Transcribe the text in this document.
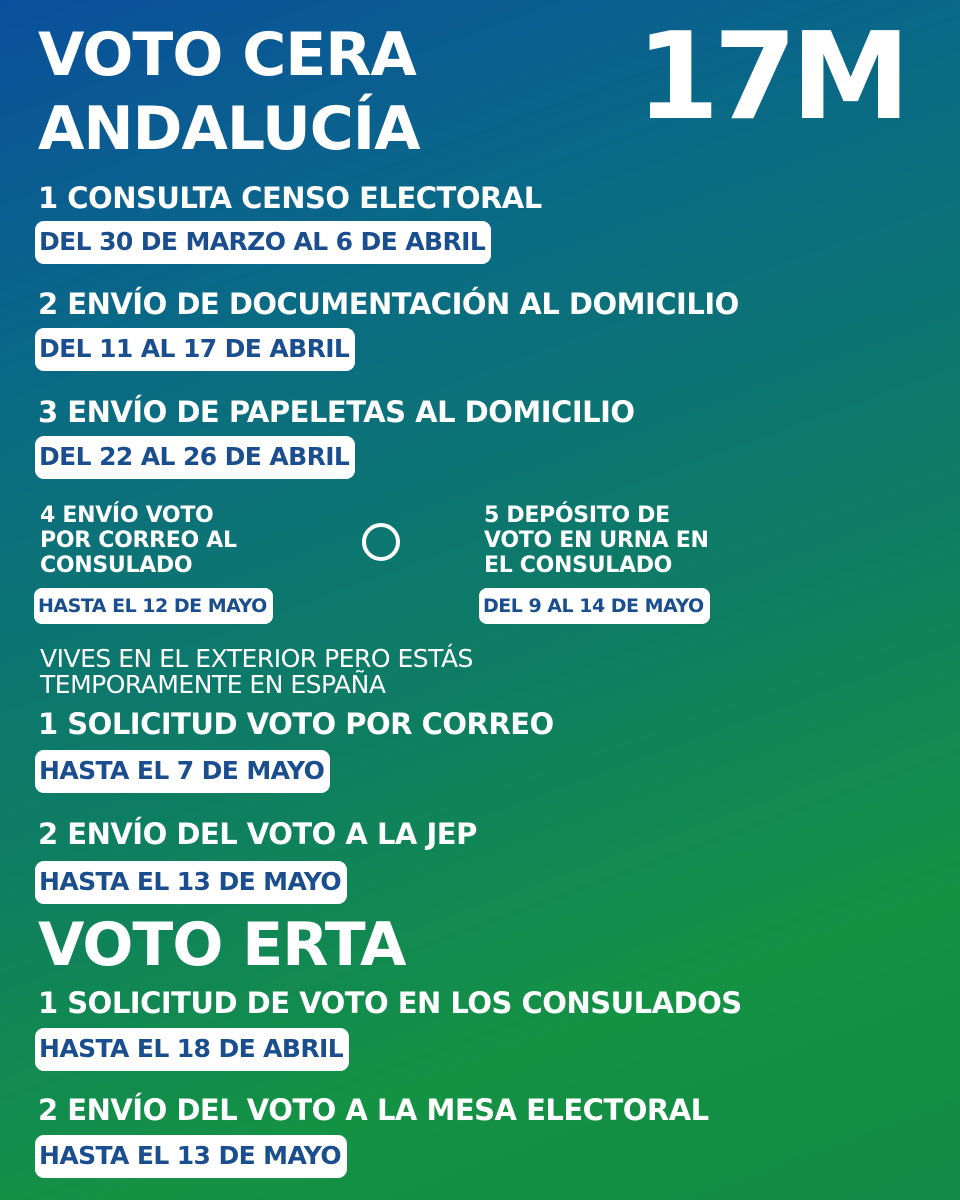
VOTO CERA
ANDALUCÍA 17M
1 CONSULTA CENSO ELECTORAL
DEL 30 DE MARZO AL 6 DE ABRIL
2 ENVÍO DE DOCUMENTACIÓN AL DOMICILIO
DEL 11 AL 17 DE ABRIL
3 ENVÍO DE PAPELETAS AL DOMICILIO
DEL 22 AL 26 DE ABRIL
4 ENVÍO VOTO
POR CORREO AL
CONSULADO
HASTA EL 12 DE MAYO
5 DEPÓSITO DE
VOTO EN URNA EN
EL CONSULADO
DEL 9 AL 14 DE MAYO
VIVES EN EL EXTERIOR PERO ESTÁS
TEMPORAMENTE EN ESPAÑA
1 SOLICITUD VOTO POR CORREO
HASTA EL 7 DE MAYO
2 ENVÍO DEL VOTO A LA JEP
HASTA EL 13 DE MAYO
VOTO ERTA
1 SOLICITUD DE VOTO EN LOS CONSULADOS
HASTA EL 18 DE ABRIL
2 ENVÍO DEL VOTO A LA MESA ELECTORAL
HASTA EL 13 DE MAYO
